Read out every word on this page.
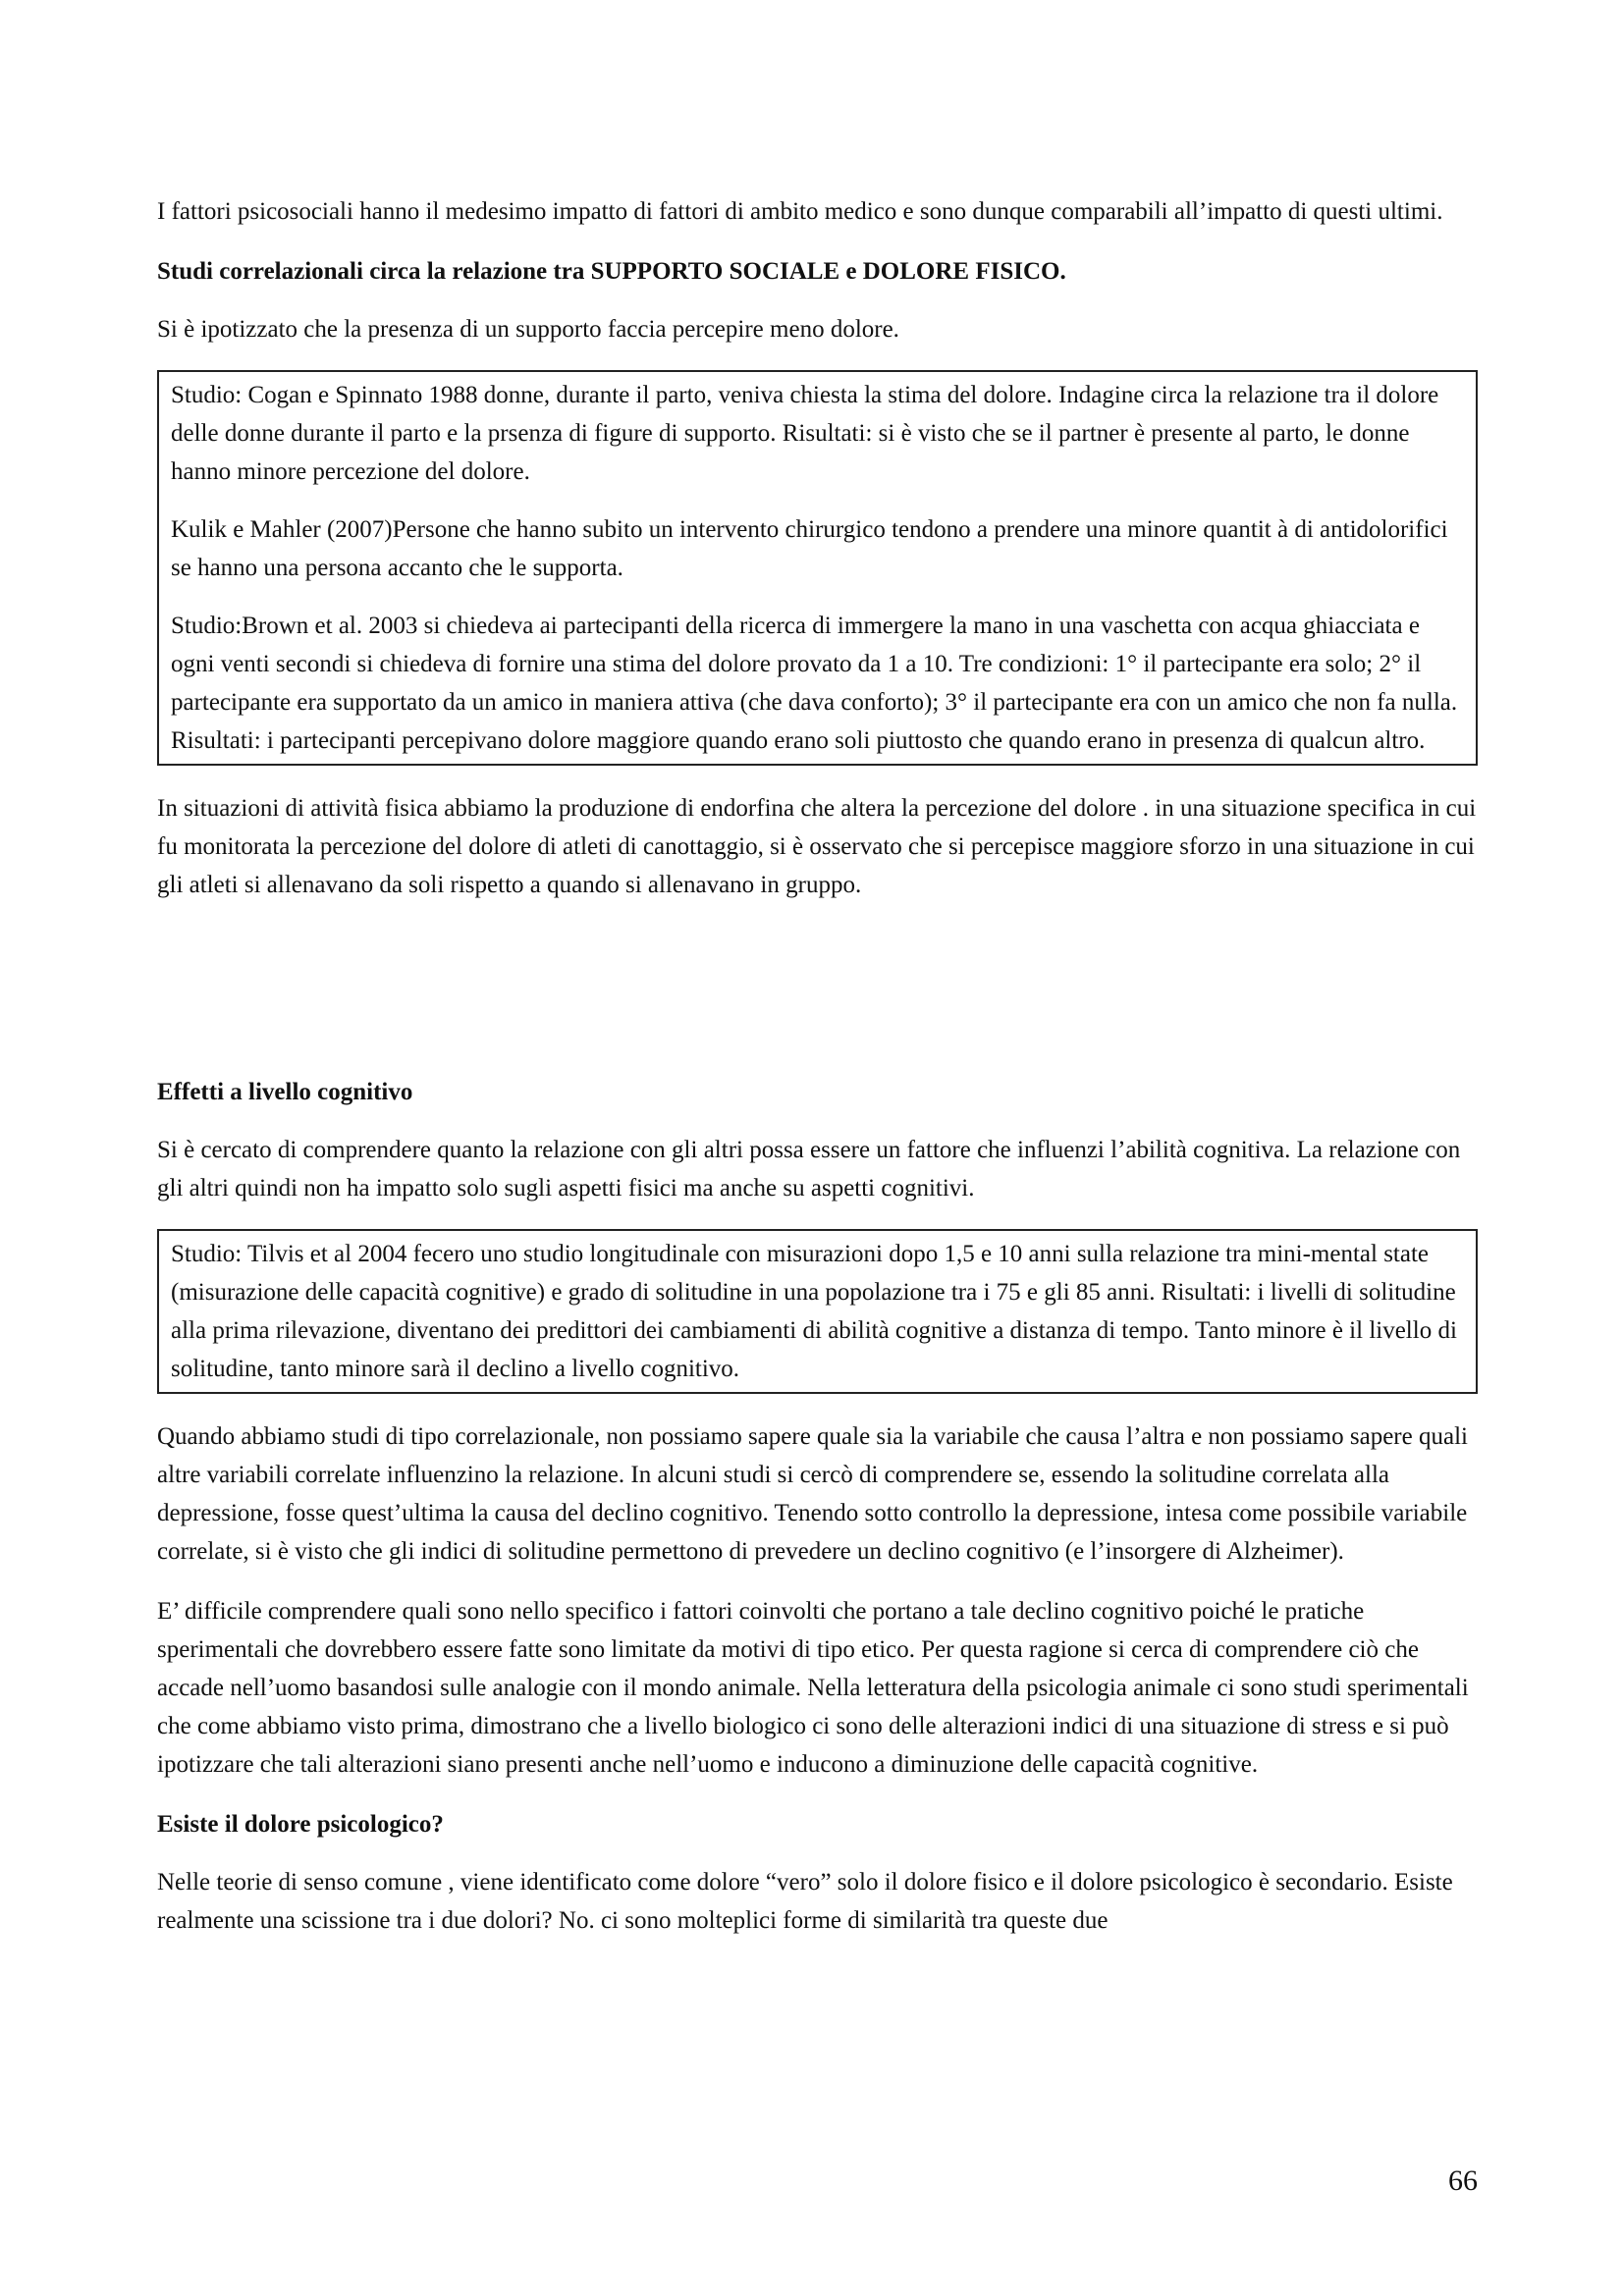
I fattori psicosociali hanno il medesimo impatto di fattori di ambito medico e sono dunque comparabili all’impatto di questi ultimi.

Studi correlazionali circa la relazione tra SUPPORTO SOCIALE e DOLORE FISICO.

Si è ipotizzato che la presenza di un supporto faccia percepire meno dolore.

Studio: Cogan e Spinnato 1988 donne, durante il parto, veniva chiesta la stima del dolore. Indagine circa la relazione tra il dolore delle donne durante il parto e la prsenza di figure di supporto. Risultati: si è visto che se il partner è presente al parto, le donne hanno minore percezione del dolore.

Kulik e Mahler (2007)Persone che hanno subito un intervento chirurgico tendono a prendere una minore quantit à di antidolorifici se hanno una persona accanto che le supporta.

Studio:Brown et al. 2003 si chiedeva ai partecipanti della ricerca di immergere la mano in una vaschetta con acqua ghiacciata e ogni venti secondi si chiedeva di fornire una stima del dolore provato da 1 a 10. Tre condizioni: 1° il partecipante era solo; 2° il partecipante era supportato da un amico in maniera attiva (che dava conforto); 3° il partecipante era con un amico che non fa nulla. Risultati: i partecipanti percepivano dolore maggiore quando erano soli piuttosto che quando erano in presenza di qualcun altro.

In situazioni di attività fisica abbiamo la produzione di endorfina che altera la percezione del dolore . in una situazione specifica in cui fu monitorata la percezione del dolore di atleti di canottaggio, si è osservato che si percepisce maggiore sforzo in una situazione in cui gli atleti si allenavano da soli rispetto a quando si allenavano in gruppo.

Effetti a livello cognitivo

Si è cercato di comprendere quanto la relazione con gli altri possa essere un fattore che influenzi l’abilità cognitiva. La relazione con gli altri quindi non ha impatto solo sugli aspetti fisici ma anche su aspetti cognitivi.

Studio: Tilvis et al 2004 fecero uno studio longitudinale con misurazioni dopo 1,5 e 10 anni sulla relazione tra mini-mental state (misurazione delle capacità cognitive) e grado di solitudine in una popolazione tra i 75 e gli 85 anni. Risultati: i livelli di solitudine alla prima rilevazione, diventano dei predittori dei cambiamenti di abilità cognitive a distanza di tempo. Tanto minore è il livello di solitudine, tanto minore sarà il declino a livello cognitivo.

Quando abbiamo studi di tipo correlazionale, non possiamo sapere quale sia la variabile che causa l’altra e non possiamo sapere quali altre variabili correlate influenzino la relazione. In alcuni studi si cercò di comprendere se, essendo la solitudine correlata alla depressione, fosse quest’ultima la causa del declino cognitivo. Tenendo sotto controllo la depressione, intesa come possibile variabile correlate, si è visto che gli indici di solitudine permettono di prevedere un declino cognitivo (e l’insorgere di Alzheimer).

E’ difficile comprendere quali sono nello specifico i fattori coinvolti che portano a tale declino cognitivo poiché le pratiche sperimentali che dovrebbero essere fatte sono limitate da motivi di tipo etico. Per questa ragione si cerca di comprendere ciò che accade nell’uomo basandosi sulle analogie con il mondo animale. Nella letteratura della psicologia animale ci sono studi sperimentali che come abbiamo visto prima, dimostrano che a livello biologico ci sono delle alterazioni indici di una situazione di stress e si può ipotizzare che tali alterazioni siano presenti anche nell’uomo e inducono a diminuzione delle capacità cognitive.

Esiste il dolore psicologico?

Nelle teorie di senso comune , viene identificato come dolore “vero” solo il dolore fisico e il dolore psicologico è secondario. Esiste realmente una scissione tra i due dolori? No. ci sono molteplici forme di similarità tra queste due

66
